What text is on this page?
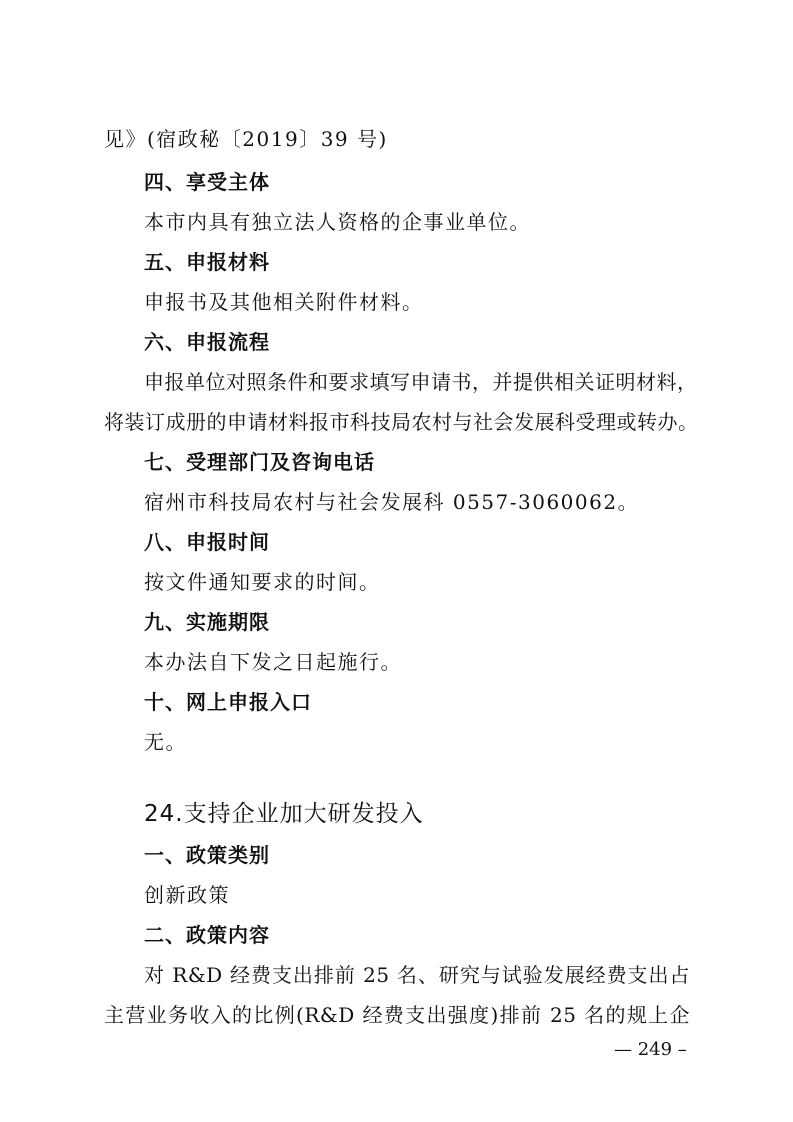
见》(宿政秘〔2019〕39 号)
四、享受主体
本市内具有独立法人资格的企事业单位。
五、申报材料
申报书及其他相关附件材料。
六、申报流程
申报单位对照条件和要求填写申请书，并提供相关证明材料，
将装订成册的申请材料报市科技局农村与社会发展科受理或转办。
七、受理部门及咨询电话
宿州市科技局农村与社会发展科 0557-3060062。
八、申报时间
按文件通知要求的时间。
九、实施期限
本办法自下发之日起施行。
十、网上申报入口
无。
24.支持企业加大研发投入
一、政策类别
创新政策
二、政策内容
对 R&D 经费支出排前 25 名、研究与试验发展经费支出占
主营业务收入的比例(R&D 经费支出强度)排前 25 名的规上企
— 249 –
